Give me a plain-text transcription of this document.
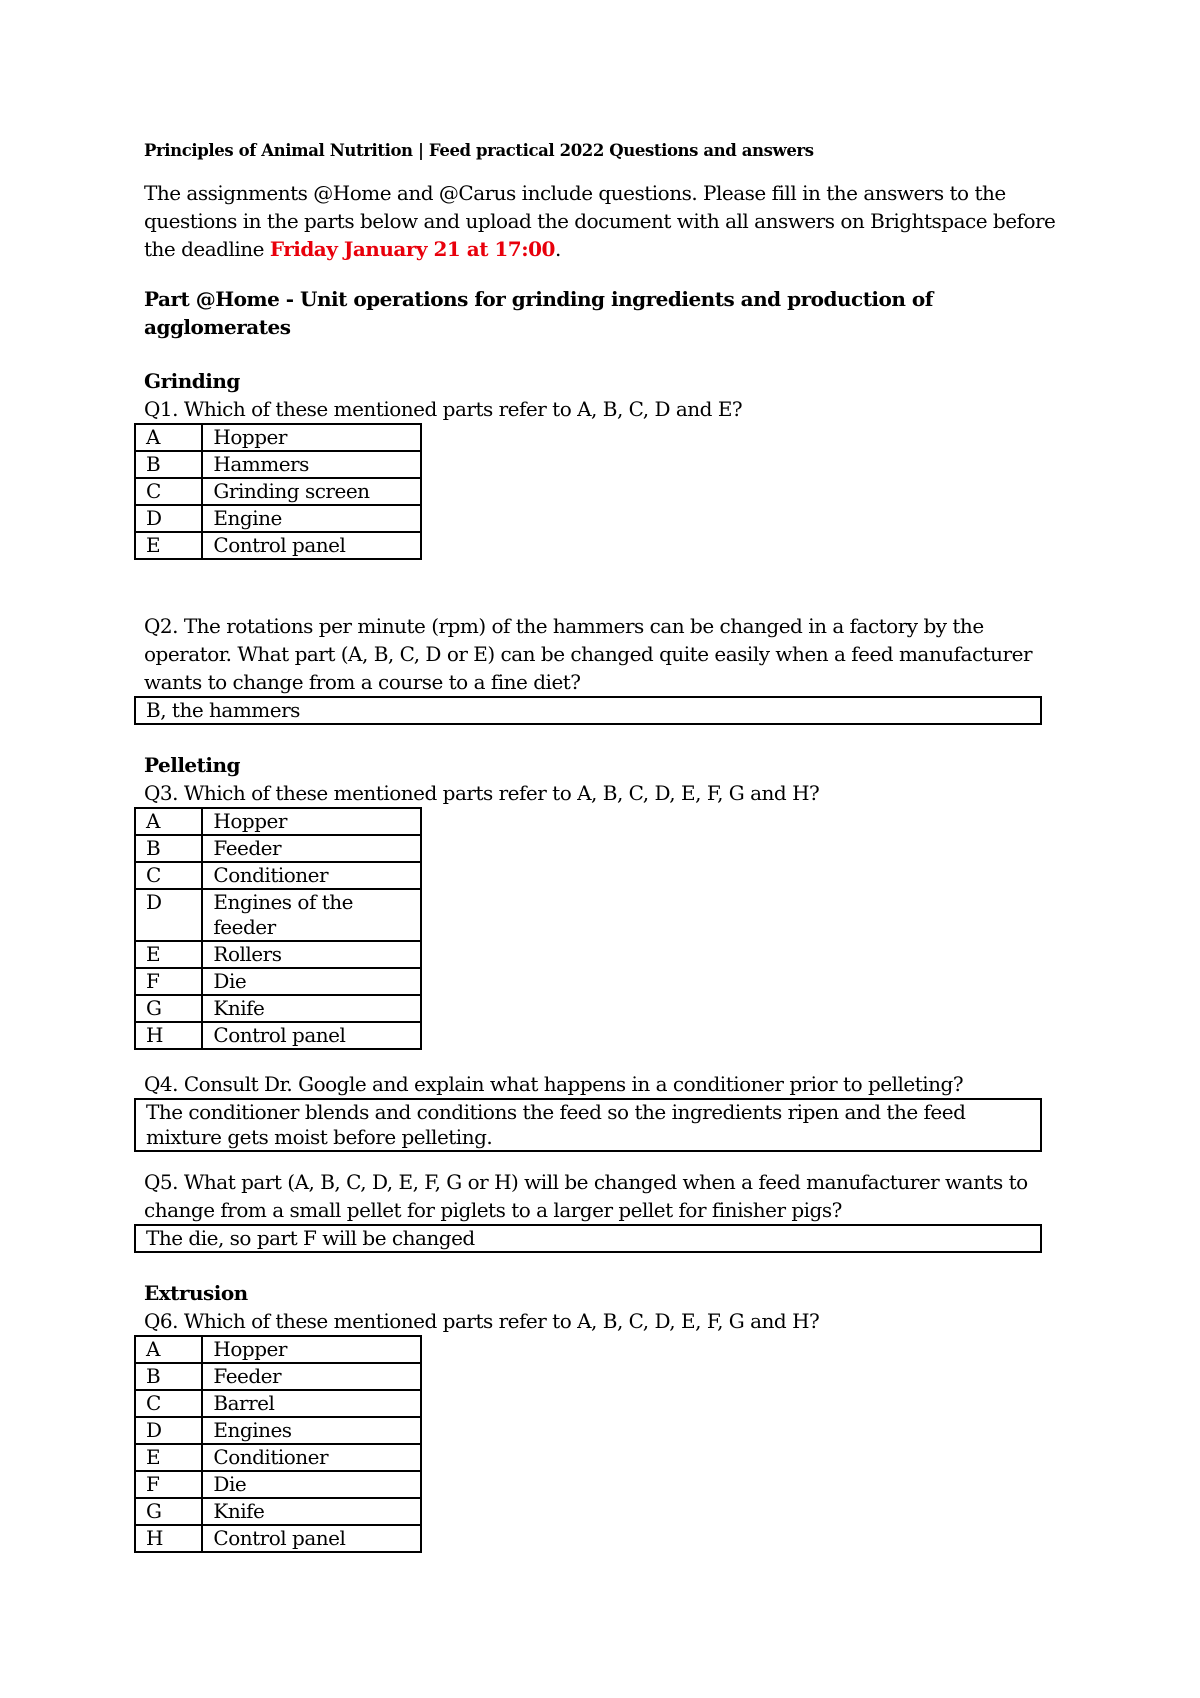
Principles of Animal Nutrition | Feed practical 2022 Questions and answers

The assignments @Home and @Carus include questions. Please fill in the answers to the questions in the parts below and upload the document with all answers on Brightspace before the deadline Friday January 21 at 17:00.

Part @Home - Unit operations for grinding ingredients and production of agglomerates

Grinding

Q1. Which of these mentioned parts refer to A, B, C, D and E?

A	Hopper
B	Hammers
C	Grinding screen
D	Engine
E	Control panel

Q2. The rotations per minute (rpm) of the hammers can be changed in a factory by the operator. What part (A, B, C, D or E) can be changed quite easily when a feed manufacturer wants to change from a course to a fine diet?

B, the hammers

Pelleting

Q3. Which of these mentioned parts refer to A, B, C, D, E, F, G and H?

A	Hopper
B	Feeder
C	Conditioner
D	Engines of the feeder
E	Rollers
F	Die
G	Knife
H	Control panel

Q4. Consult Dr. Google and explain what happens in a conditioner prior to pelleting?

The conditioner blends and conditions the feed so the ingredients ripen and the feed mixture gets moist before pelleting.

Q5. What part (A, B, C, D, E, F, G or H) will be changed when a feed manufacturer wants to change from a small pellet for piglets to a larger pellet for finisher pigs?

The die, so part F will be changed

Extrusion

Q6. Which of these mentioned parts refer to A, B, C, D, E, F, G and H?

A	Hopper
B	Feeder
C	Barrel
D	Engines
E	Conditioner
F	Die
G	Knife
H	Control panel
